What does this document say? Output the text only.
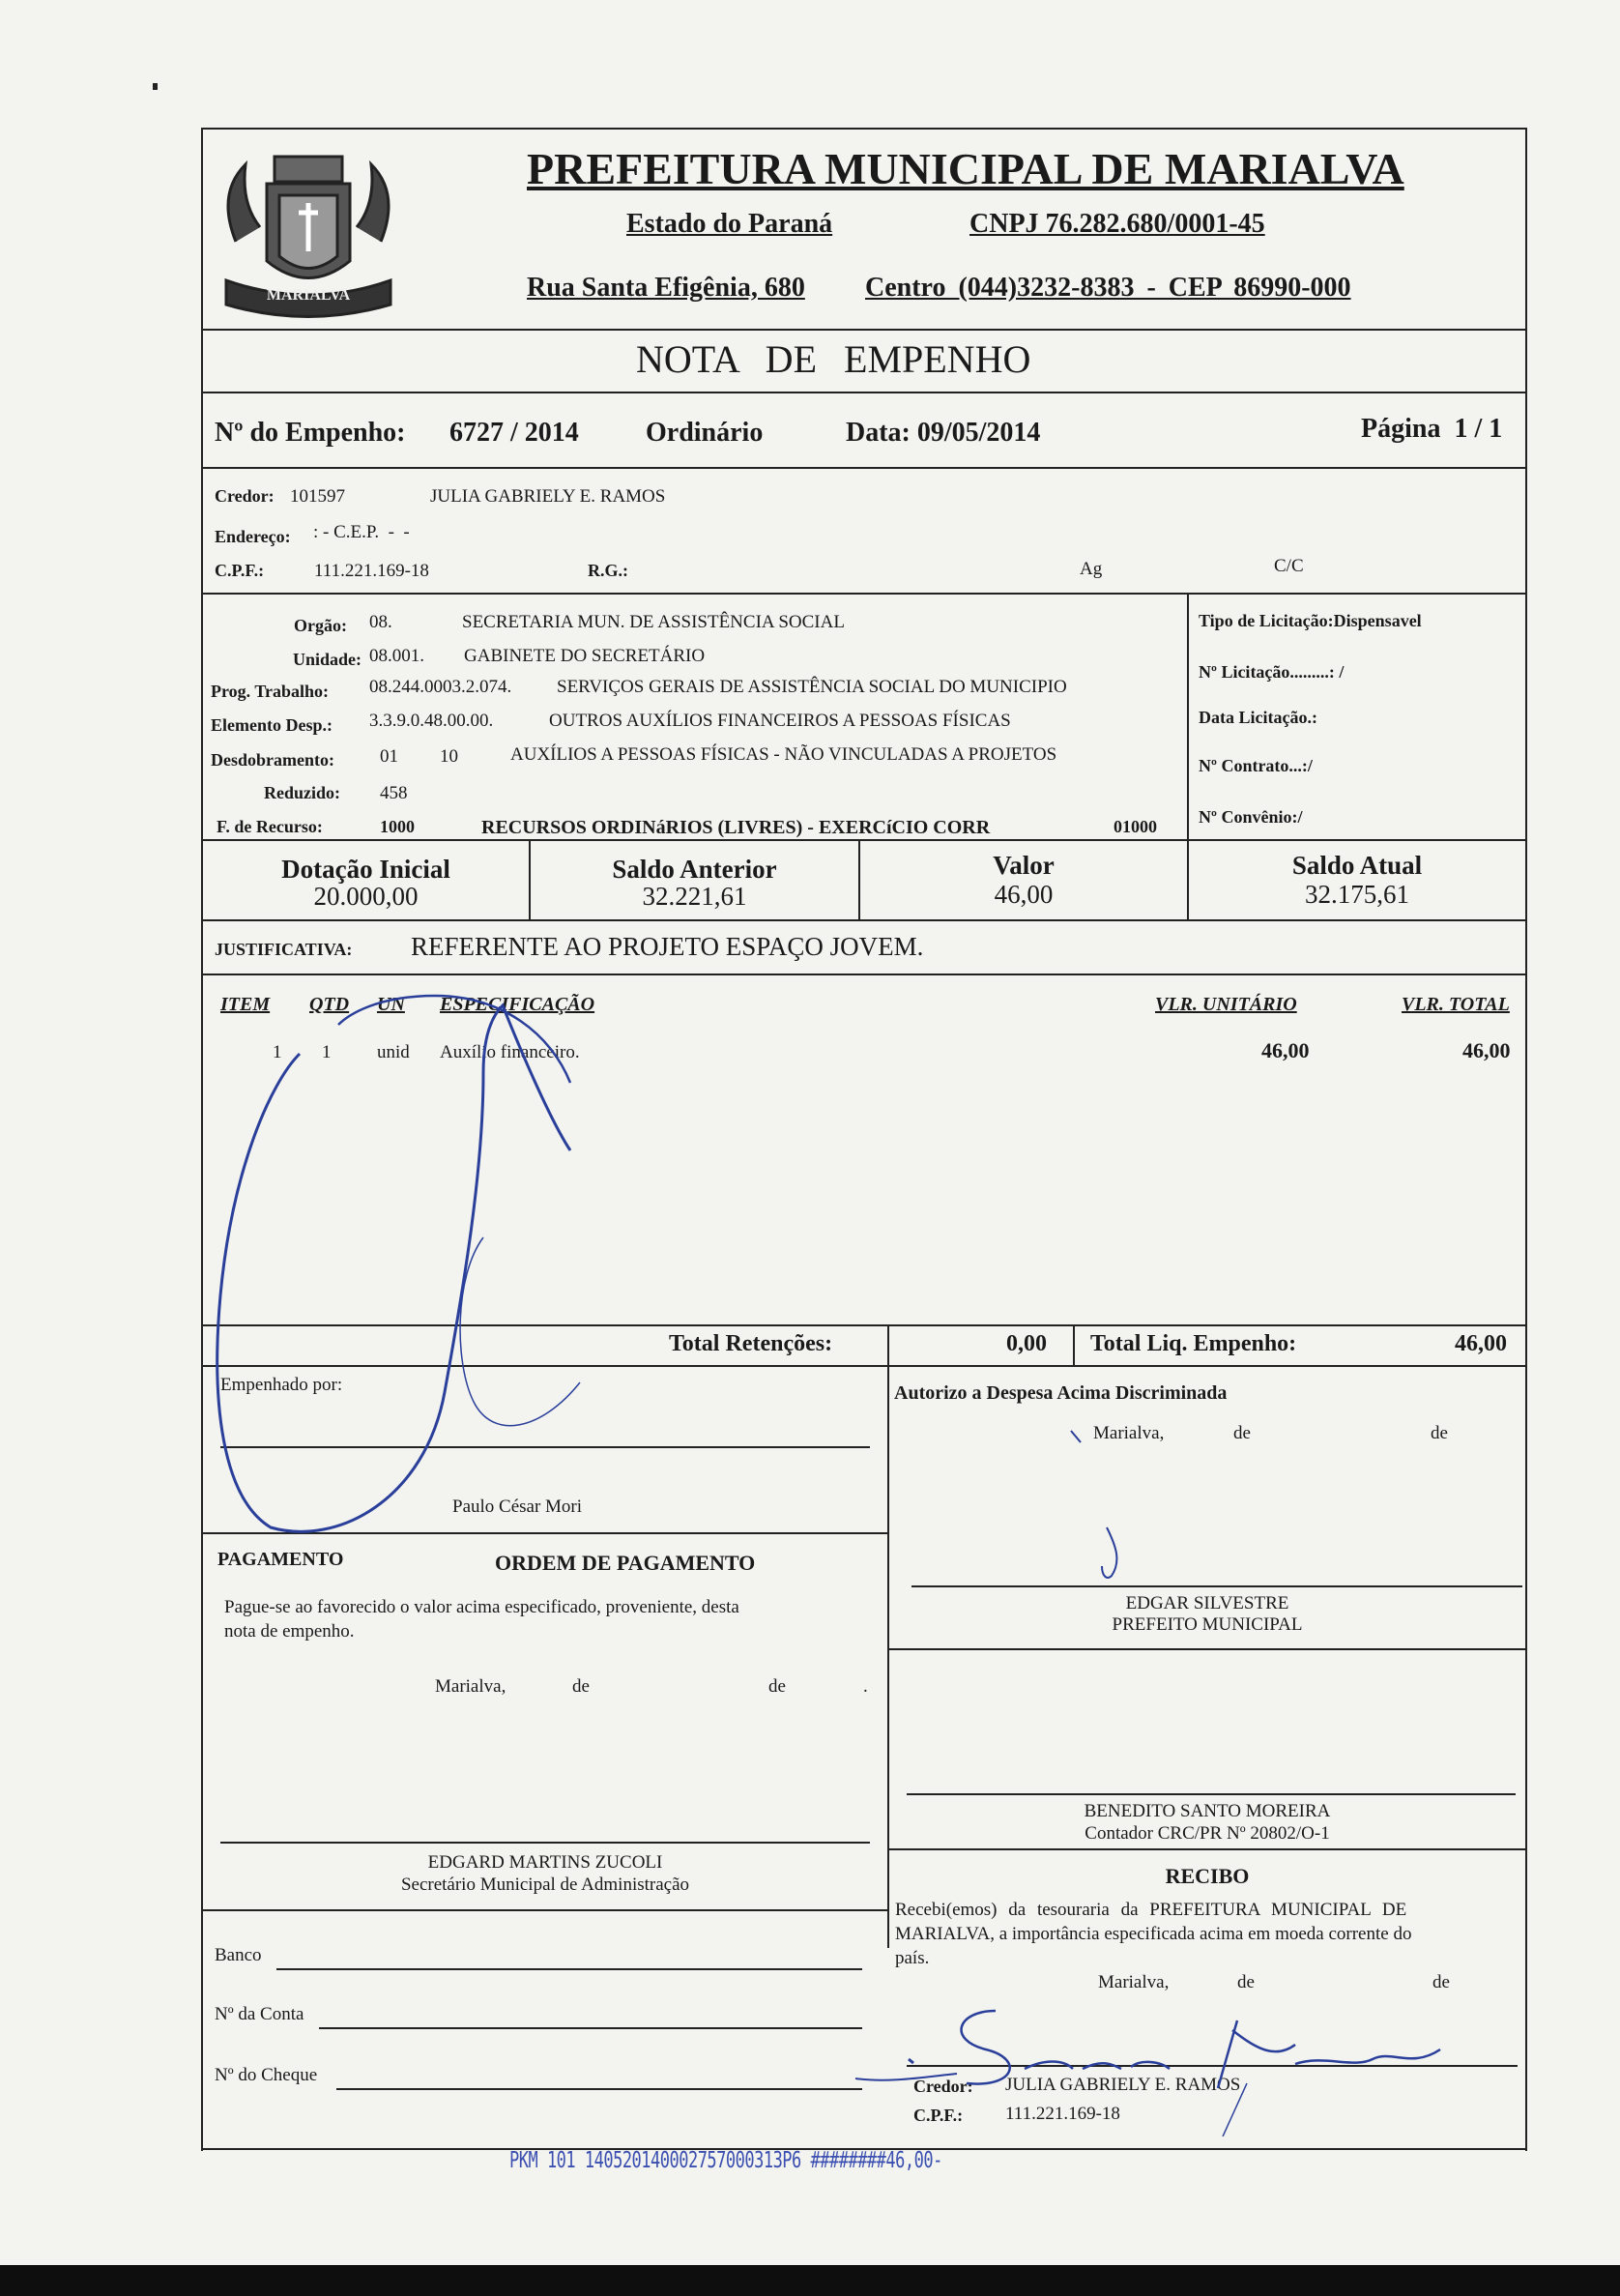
MARIALVA
PREFEITURA MUNICIPAL DE MARIALVA
Estado do Paraná	CNPJ 76.282.680/0001-45
Rua Santa Efigênia, 680 Centro (044)3232-8383 - CEP 86990-000
NOTA DE EMPENHO
Nº do Empenho: 6727 / 2014 Ordinário	Data: 09/05/2014	Página  1 / 1
Credor: 101597	JULIA GABRIELY E. RAMOS
Endereço: : - C.E.P.  -  -
C.P.F.:	111.221.169-18	R.G.:	Ag	C/C
Orgão: 08.	SECRETARIA MUN. DE ASSISTÊNCIA SOCIAL
Unidade: 08.001. GABINETE DO SECRETÁRIO
Prog. Trabalho: 08.244.0003.2.074. SERVIÇOS GERAIS DE ASSISTÊNCIA SOCIAL DO MUNICIPIO
Elemento Desp.: 3.3.9.0.48.00.00.	OUTROS AUXÍLIOS FINANCEIROS A PESSOAS FÍSICAS
Desdobramento: 01 10	AUXÍLIOS A PESSOAS FÍSICAS - NÃO VINCULADAS A PROJETOS
Reduzido: 458
F. de Recurso:	1000	RECURSOS ORDINáRIOS (LIVRES) - EXERCíCIO CORR	01000
Tipo de Licitação:Dispensavel
Nº Licitação.........: /
Data Licitação.:
Nº Contrato...:/
Nº Convênio:/
Dotação Inicial
20.000,00
Saldo Anterior
32.221,61
Valor
46,00
Saldo Atual
32.175,61
JUSTIFICATIVA: REFERENTE AO PROJETO ESPAÇO JOVEM.
ITEM QTD UN ESPECIFICAÇÃO	VLR. UNITÁRIO	VLR. TOTAL
1 1	unid Auxílio financeiro.	46,00	46,00
Total Retenções:	0,00 Total Liq. Empenho:	46,00
Empenhado por:
Paulo César Mori
Autorizo a Despesa Acima Discriminada
Marialva,	de	de
EDGAR SILVESTRE
PREFEITO MUNICIPAL
PAGAMENTO	ORDEM DE PAGAMENTO
Pague-se ao favorecido o valor acima especificado, proveniente, desta
nota de empenho.
Marialva,	de	de	.
EDGARD MARTINS ZUCOLI
Secretário Municipal de Administração
BENEDITO SANTO MOREIRA
Contador CRC/PR Nº 20802/O-1
RECIBO
Recebi(emos) da tesouraria da PREFEITURA MUNICIPAL DE
MARIALVA, a importância especificada acima em moeda corrente do
país.
Marialva,	de	de
Credor: JULIA GABRIELY E. RAMOS
C.P.F.: 111.221.169-18
Banco
Nº da Conta
Nº do Cheque
PKM 101 140520140002757000313P6 ########46,00-
